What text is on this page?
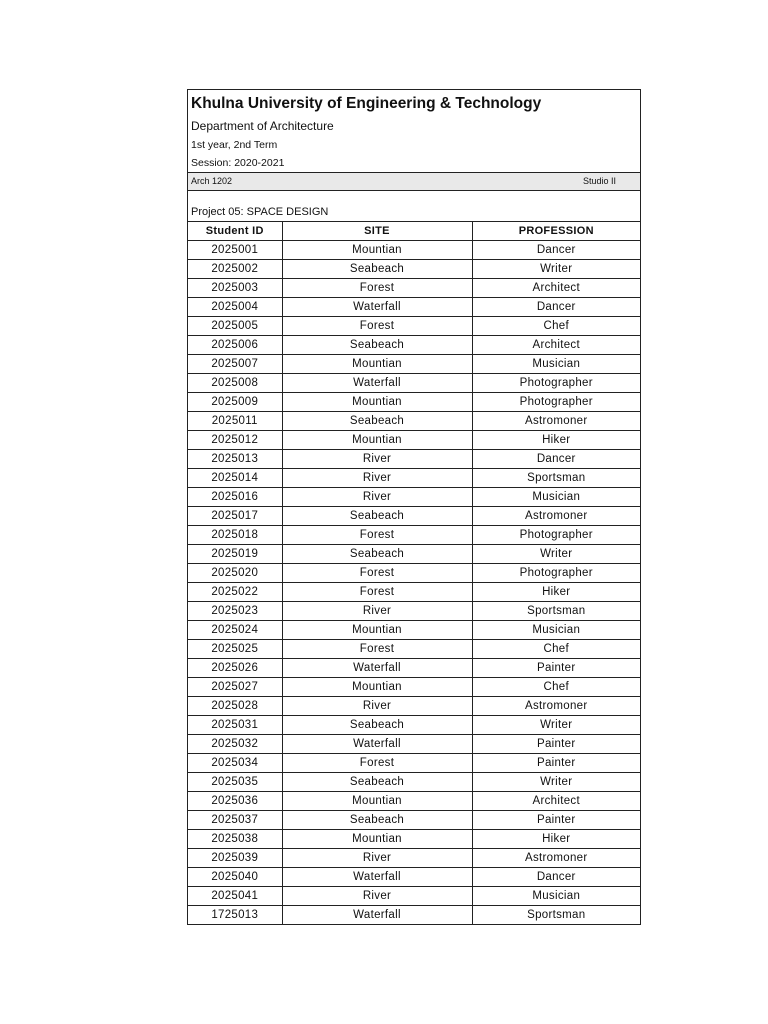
Khulna University of Engineering & Technology
Department of Architecture
1st year, 2nd Term
Session: 2020-2021
Arch 1202	Studio II
Project 05: SPACE DESIGN
Student ID	SITE	PROFESSION
2025001	Mountian	Dancer
2025002	Seabeach	Writer
2025003	Forest	Architect
2025004	Waterfall	Dancer
2025005	Forest	Chef
2025006	Seabeach	Architect
2025007	Mountian	Musician
2025008	Waterfall	Photographer
2025009	Mountian	Photographer
2025011	Seabeach	Astromoner
2025012	Mountian	Hiker
2025013	River	Dancer
2025014	River	Sportsman
2025016	River	Musician
2025017	Seabeach	Astromoner
2025018	Forest	Photographer
2025019	Seabeach	Writer
2025020	Forest	Photographer
2025022	Forest	Hiker
2025023	River	Sportsman
2025024	Mountian	Musician
2025025	Forest	Chef
2025026	Waterfall	Painter
2025027	Mountian	Chef
2025028	River	Astromoner
2025031	Seabeach	Writer
2025032	Waterfall	Painter
2025034	Forest	Painter
2025035	Seabeach	Writer
2025036	Mountian	Architect
2025037	Seabeach	Painter
2025038	Mountian	Hiker
2025039	River	Astromoner
2025040	Waterfall	Dancer
2025041	River	Musician
1725013	Waterfall	Sportsman
